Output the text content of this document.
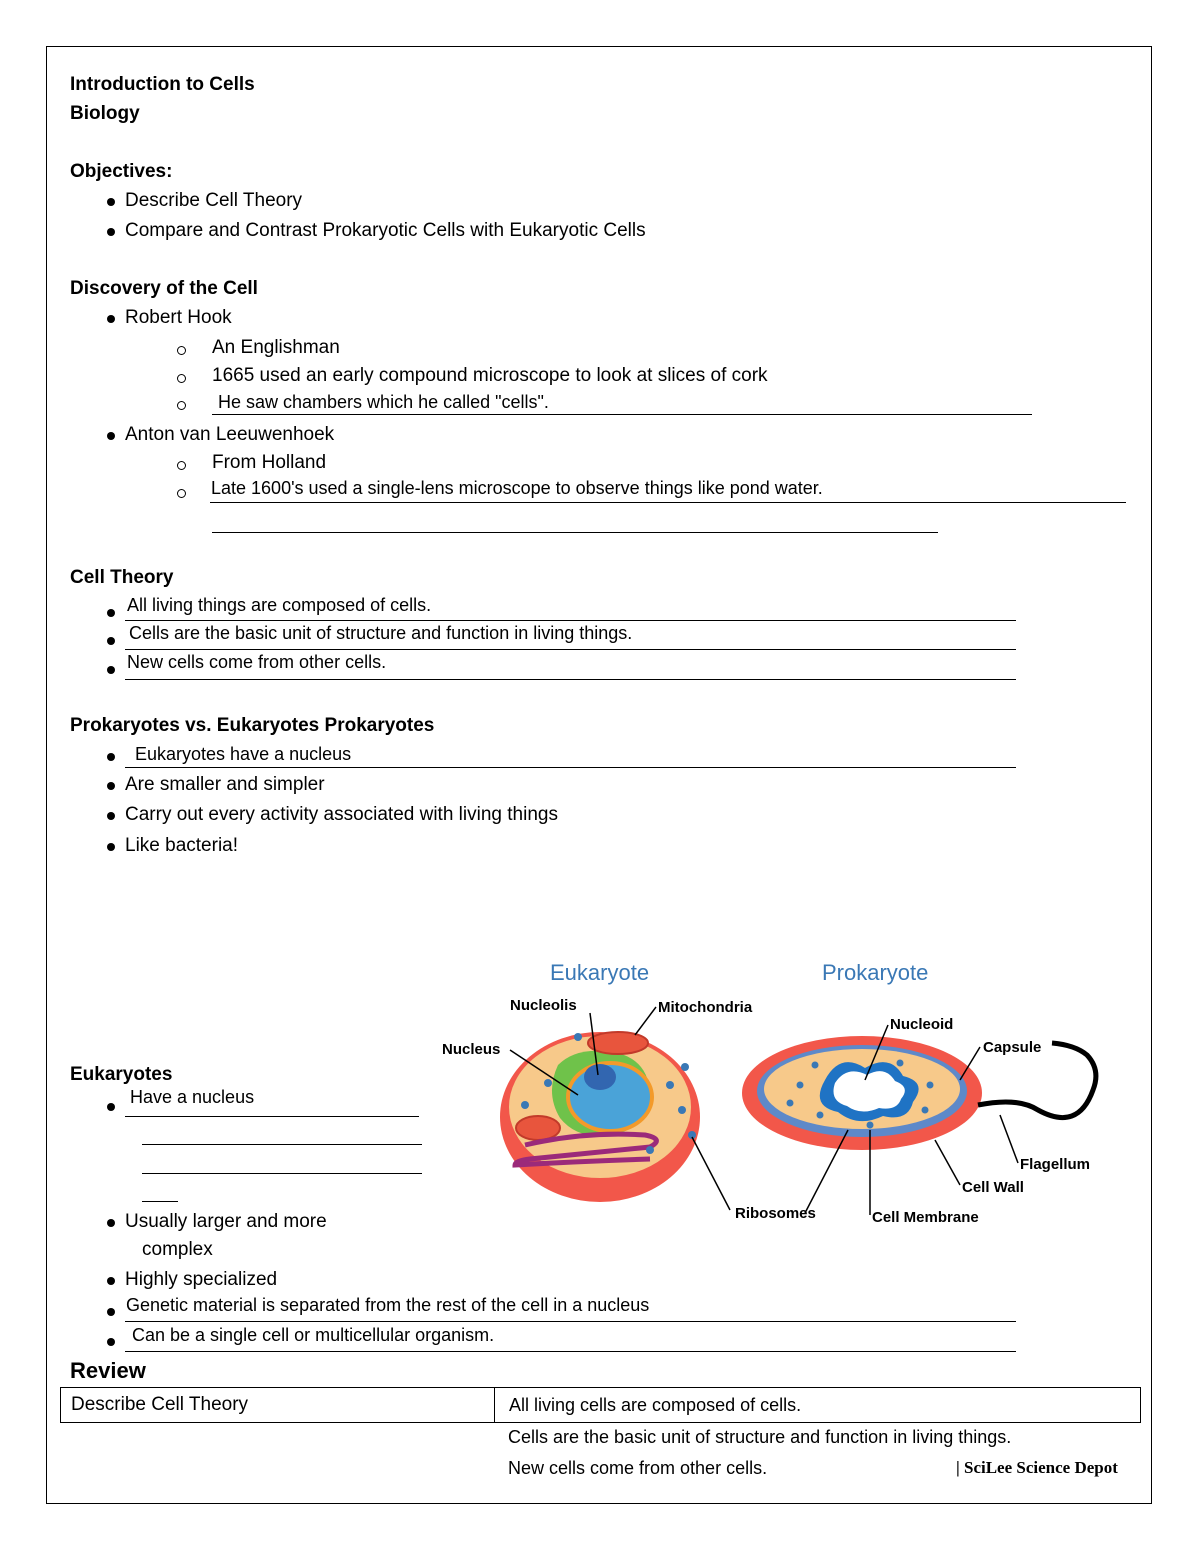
Introduction to Cells
Biology
Objectives:
Describe Cell Theory
Compare and Contrast Prokaryotic Cells with Eukaryotic Cells
Discovery of the Cell
Robert Hook
An Englishman
1665 used an early compound microscope to look at slices of cork
He saw chambers which he called "cells".
Anton van Leeuwenhoek
From Holland
Late 1600's used a single-lens microscope to observe things like pond water.
Cell Theory
All living things are composed of cells.
Cells are the basic unit of structure and function in living things.
New cells come from other cells.
Prokaryotes vs. Eukaryotes Prokaryotes
Eukaryotes have a nucleus
Are smaller and simpler
Carry out every activity associated with living things
Like bacteria!
Eukaryote	Prokaryote
Nucleolis	Mitochondria
Nucleus
Ribosomes
Nucleoid
Capsule
Flagellum
Cell Wall
Cell Membrane
Eukaryotes
Have a nucleus
Usually larger and more
complex
Highly specialized
Genetic material is separated from the rest of the cell in a nucleus
Can be a single cell or multicellular organism.
Review
Describe Cell Theory	All living cells are composed of cells.
Cells are the basic unit of structure and function in living things.
New cells come from other cells.	| SciLee Science Depot
